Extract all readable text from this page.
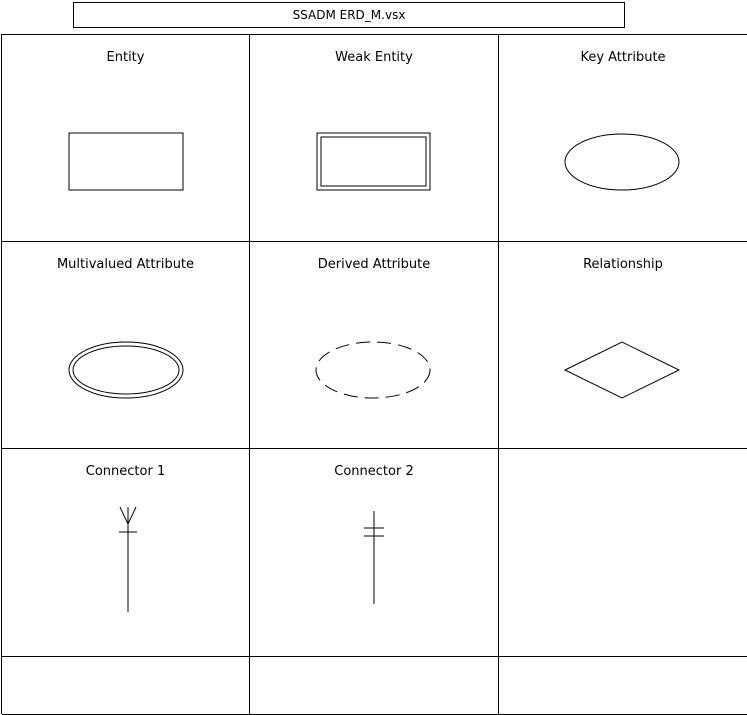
SSADM ERD_M.vsx
Entity	Weak Entity	Key Attribute
Multivalued Attribute	Derived Attribute	Relationship
Connector 1	Connector 2
